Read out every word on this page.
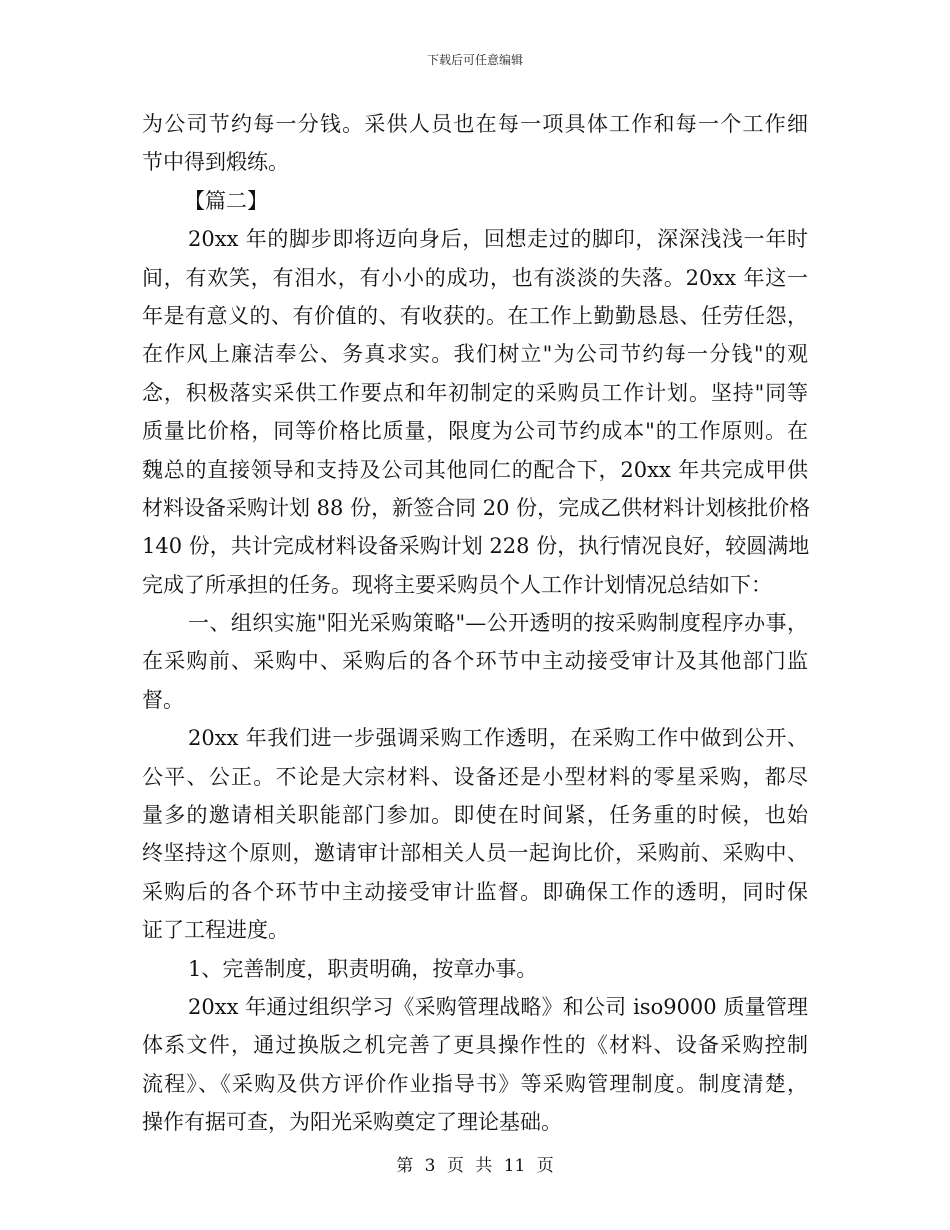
下载后可任意编辑
为公司节约每一分钱。采供人员也在每一项具体工作和每一个工作细
节中得到煅练。
【篇二】
20xx 年的脚步即将迈向身后，回想走过的脚印，深深浅浅一年时
间，有欢笑，有泪水，有小小的成功，也有淡淡的失落。20xx 年这一
年是有意义的、有价值的、有收获的。在工作上勤勤恳恳、任劳任怨，
在作风上廉洁奉公、务真求实。我们树立"为公司节约每一分钱"的观
念，积极落实采供工作要点和年初制定的采购员工作计划。坚持"同等
质量比价格，同等价格比质量，限度为公司节约成本"的工作原则。在
魏总的直接领导和支持及公司其他同仁的配合下，20xx 年共完成甲供
材料设备采购计划 88 份，新签合同 20 份，完成乙供材料计划核批价格
140 份，共计完成材料设备采购计划 228 份，执行情况良好，较圆满地
完成了所承担的任务。现将主要采购员个人工作计划情况总结如下：
一、组织实施"阳光采购策略"—公开透明的按采购制度程序办事，
在采购前、采购中、采购后的各个环节中主动接受审计及其他部门监
督。
20xx 年我们进一步强调采购工作透明，在采购工作中做到公开、
公平、公正。不论是大宗材料、设备还是小型材料的零星采购，都尽
量多的邀请相关职能部门参加。即使在时间紧，任务重的时候，也始
终坚持这个原则，邀请审计部相关人员一起询比价，采购前、采购中、
采购后的各个环节中主动接受审计监督。即确保工作的透明，同时保
证了工程进度。
1、完善制度，职责明确，按章办事。
20xx 年通过组织学习《采购管理战略》和公司 iso9000 质量管理
体系文件，通过换版之机完善了更具操作性的《材料、设备采购控制
流程》、《采购及供方评价作业指导书》等采购管理制度。制度清楚，
操作有据可查，为阳光采购奠定了理论基础。
第 3 页 共 11 页
